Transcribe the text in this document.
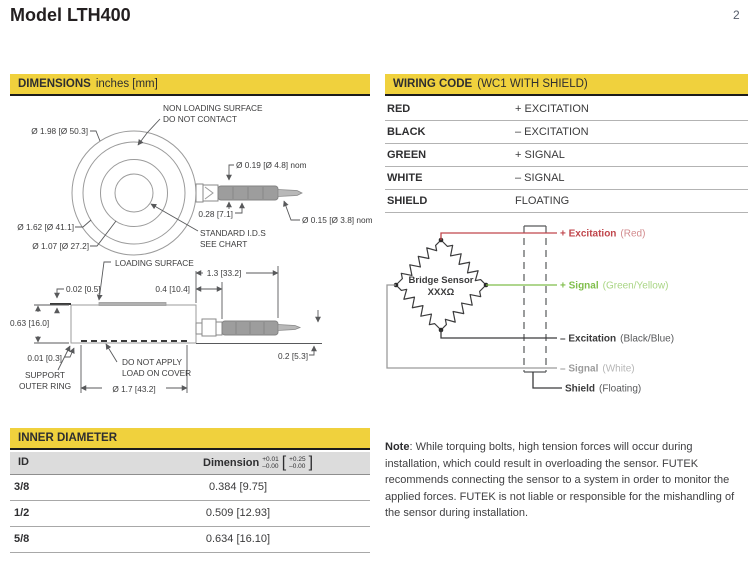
Model LTH400	2
DIMENSIONS inches [mm]	WIRING CODE (WC1 WITH SHIELD)
RED	+ EXCITATION
BLACK	– EXCITATION
GREEN	+ SIGNAL
WHITE	– SIGNAL
SHIELD	FLOATING
NON LOADING SURFACE
DO NOT CONTACT
Ø 1.98 [Ø 50.3]
Ø 0.19 [Ø 4.8] nom
0.28 [7.1]
Ø 0.15 [Ø 3.8] nom
Ø 1.62 [Ø 41.1]
Ø 1.07 [Ø 27.2]
STANDARD I.D.S
SEE CHART
LOADING SURFACE
1.3 [33.2]
0.02 [0.5]	0.4 [10.4]
0.63 [16.0]
0.01 [0.3]
SUPPORT
OUTER RING
DO NOT APPLY
LOAD ON COVER
Ø 1.7 [43.2]
0.2 [5.3]
Bridge Sensor
XXXΩ
+ Excitation (Red)
+ Signal (Green/Yellow)
– Excitation (Black/Blue)
– Signal (White)
Shield (Floating)
INNER DIAMETER
ID	Dimension +0.01
–0.00 [ +0.25
–0.00 ]
3/8	0.384 [9.75]
1/2	0.509 [12.93]
5/8	0.634 [16.10]

Note: While torquing bolts, high tension forces will occur during installation, which could result in overloading the sensor. FUTEK recommends connecting the sensor to a system in order to monitor the applied forces. FUTEK is not liable or responsible for the mishandling of the sensor during installation.
